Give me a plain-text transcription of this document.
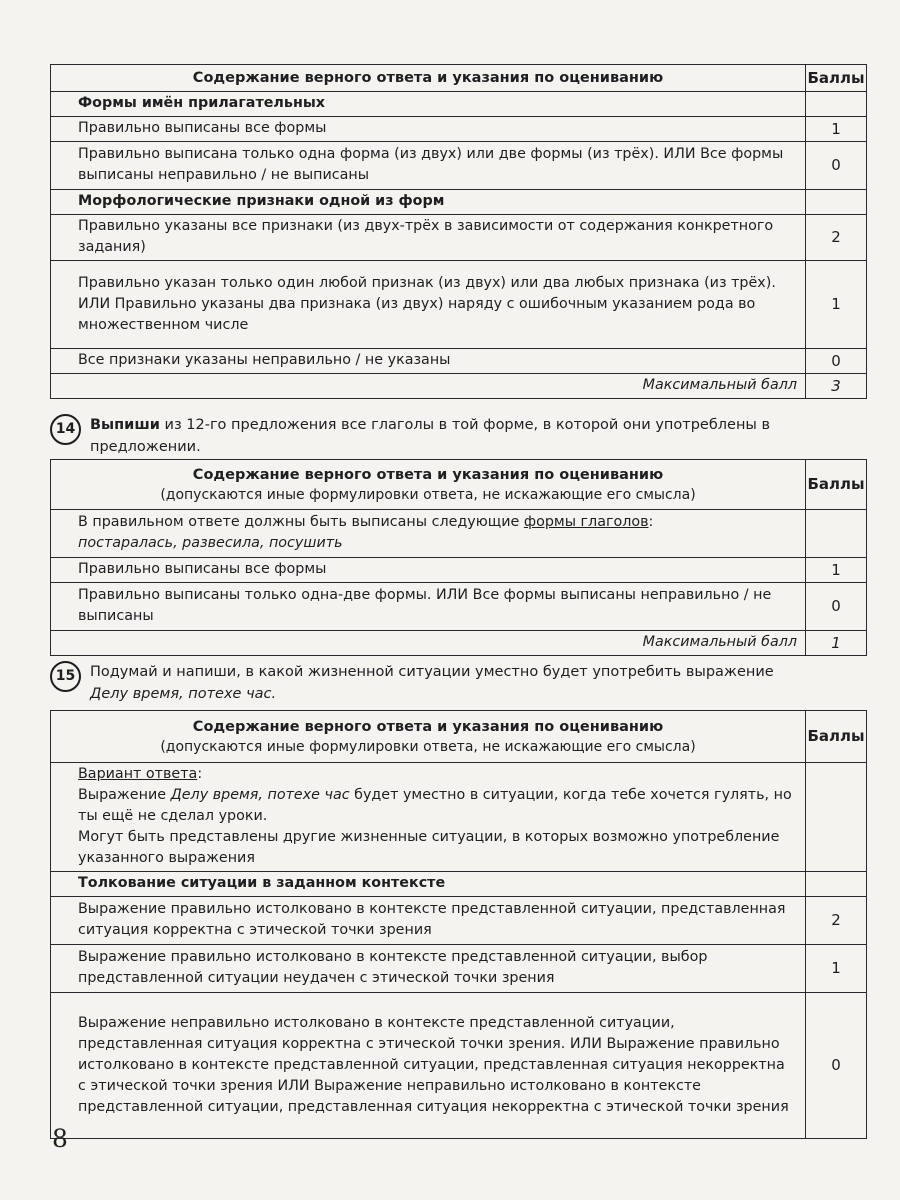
Содержание верного ответа и указания по оцениванию	Баллы
Формы имён прилагательных	
Правильно выписаны все формы	1
Правильно выписана только одна форма (из двух) или две формы (из трёх). ИЛИ Все формы выписаны неправильно / не выписаны	0
Морфологические признаки одной из форм	
Правильно указаны все признаки (из двух-трёх в зависимости от содержания конкретного задания)	2
Правильно указан только один любой признак (из двух) или два любых признака (из трёх). ИЛИ Правильно указаны два признака (из двух) наряду с ошибочным указанием рода во множественном числе	1
Все признаки указаны неправильно / не указаны	0
Максимальный балл	3
14	Выпиши из 12-го предложения все глаголы в той форме, в которой они употреблены в предложении.
Содержание верного ответа и указания по оцениванию
(допускаются иные формулировки ответа, не искажающие его смысла)	Баллы
В правильном ответе должны быть выписаны следующие формы глаголов:
постаралась, развесила, посушить	
Правильно выписаны все формы	1
Правильно выписаны только одна-две формы. ИЛИ Все формы выписаны неправильно / не выписаны	0
Максимальный балл	1
15	Подумай и напиши, в какой жизненной ситуации уместно будет употребить выражение
Делу время, потехе час.
Содержание верного ответа и указания по оцениванию
(допускаются иные формулировки ответа, не искажающие его смысла)	Баллы
Вариант ответа:
Выражение Делу время, потехе час будет уместно в ситуации, когда тебе хочется гулять, но ты ещё не сделал уроки.
Могут быть представлены другие жизненные ситуации, в которых возможно употребление указанного выражения	
Толкование ситуации в заданном контексте	
Выражение правильно истолковано в контексте представленной ситуации, представленная ситуация корректна с этической точки зрения	2
Выражение правильно истолковано в контексте представленной ситуации, выбор представленной ситуации неудачен с этической точки зрения	1
Выражение неправильно истолковано в контексте представленной ситуации, представленная ситуация корректна с этической точки зрения. ИЛИ Выражение правильно истолковано в контексте представленной ситуации, представленная ситуация некорректна с этической точки зрения ИЛИ Выражение неправильно истолковано в контексте представленной ситуации, представленная ситуация некорректна с этической точки зрения	0
8
